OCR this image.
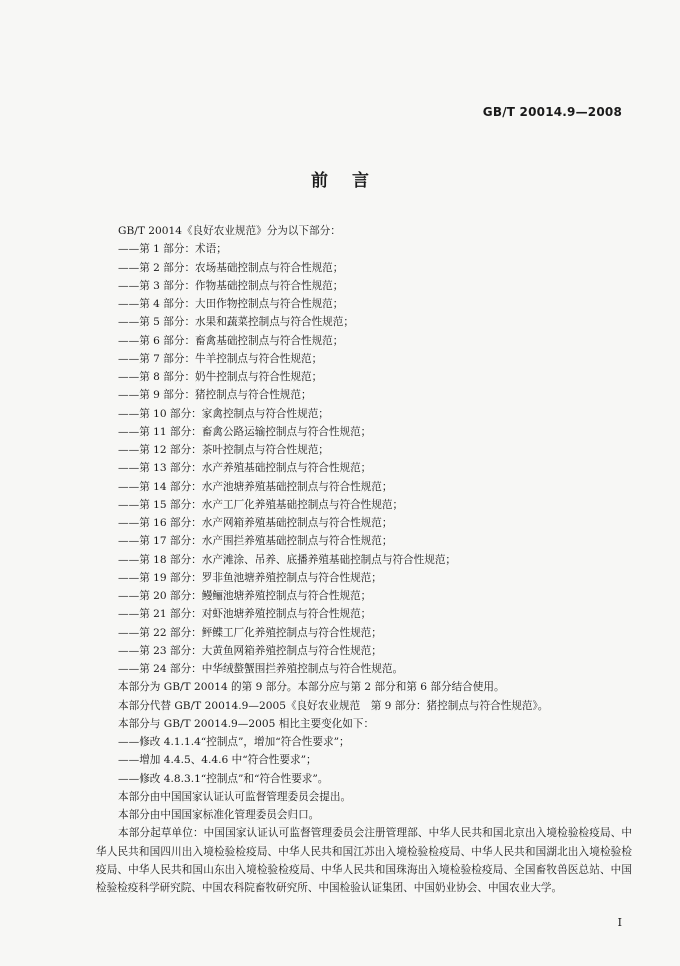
GB/T 20014.9—2008
前言

GB/T 20014《良好农业规范》分为以下部分：

——第 1 部分：术语；

——第 2 部分：农场基础控制点与符合性规范；

——第 3 部分：作物基础控制点与符合性规范；

——第 4 部分：大田作物控制点与符合性规范；

——第 5 部分：水果和蔬菜控制点与符合性规范；

——第 6 部分：畜禽基础控制点与符合性规范；

——第 7 部分：牛羊控制点与符合性规范；

——第 8 部分：奶牛控制点与符合性规范；

——第 9 部分：猪控制点与符合性规范；

——第 10 部分：家禽控制点与符合性规范；

——第 11 部分：畜禽公路运输控制点与符合性规范；

——第 12 部分：茶叶控制点与符合性规范；

——第 13 部分：水产养殖基础控制点与符合性规范；

——第 14 部分：水产池塘养殖基础控制点与符合性规范；

——第 15 部分：水产工厂化养殖基础控制点与符合性规范；

——第 16 部分：水产网箱养殖基础控制点与符合性规范；

——第 17 部分：水产围拦养殖基础控制点与符合性规范；

——第 18 部分：水产滩涂、吊养、底播养殖基础控制点与符合性规范；

——第 19 部分：罗非鱼池塘养殖控制点与符合性规范；

——第 20 部分：鳗鲡池塘养殖控制点与符合性规范；

——第 21 部分：对虾池塘养殖控制点与符合性规范；

——第 22 部分：鲆鲽工厂化养殖控制点与符合性规范；

——第 23 部分：大黄鱼网箱养殖控制点与符合性规范；

——第 24 部分：中华绒螯蟹围拦养殖控制点与符合性规范。

本部分为 GB/T 20014 的第 9 部分。本部分应与第 2 部分和第 6 部分结合使用。

本部分代替 GB/T 20014.9—2005《良好农业规范　第 9 部分：猪控制点与符合性规范》。

本部分与 GB/T 20014.9—2005 相比主要变化如下：

——修改 4.1.1.4“控制点”，增加“符合性要求”；

——增加 4.4.5、4.4.6 中“符合性要求”；

——修改 4.8.3.1“控制点”和“符合性要求”。

本部分由中国国家认证认可监督管理委员会提出。

本部分由中国国家标准化管理委员会归口。

本部分起草单位：中国国家认证认可监督管理委员会注册管理部、中华人民共和国北京出入境检验检疫局、中华人民共和国四川出入境检验检疫局、中华人民共和国江苏出入境检验检疫局、中华人民共和国湖北出入境检验检疫局、中华人民共和国山东出入境检验检疫局、中华人民共和国珠海出入境检验检疫局、全国畜牧兽医总站、中国检验检疫科学研究院、中国农科院畜牧研究所、中国检验认证集团、中国奶业协会、中国农业大学。

I
